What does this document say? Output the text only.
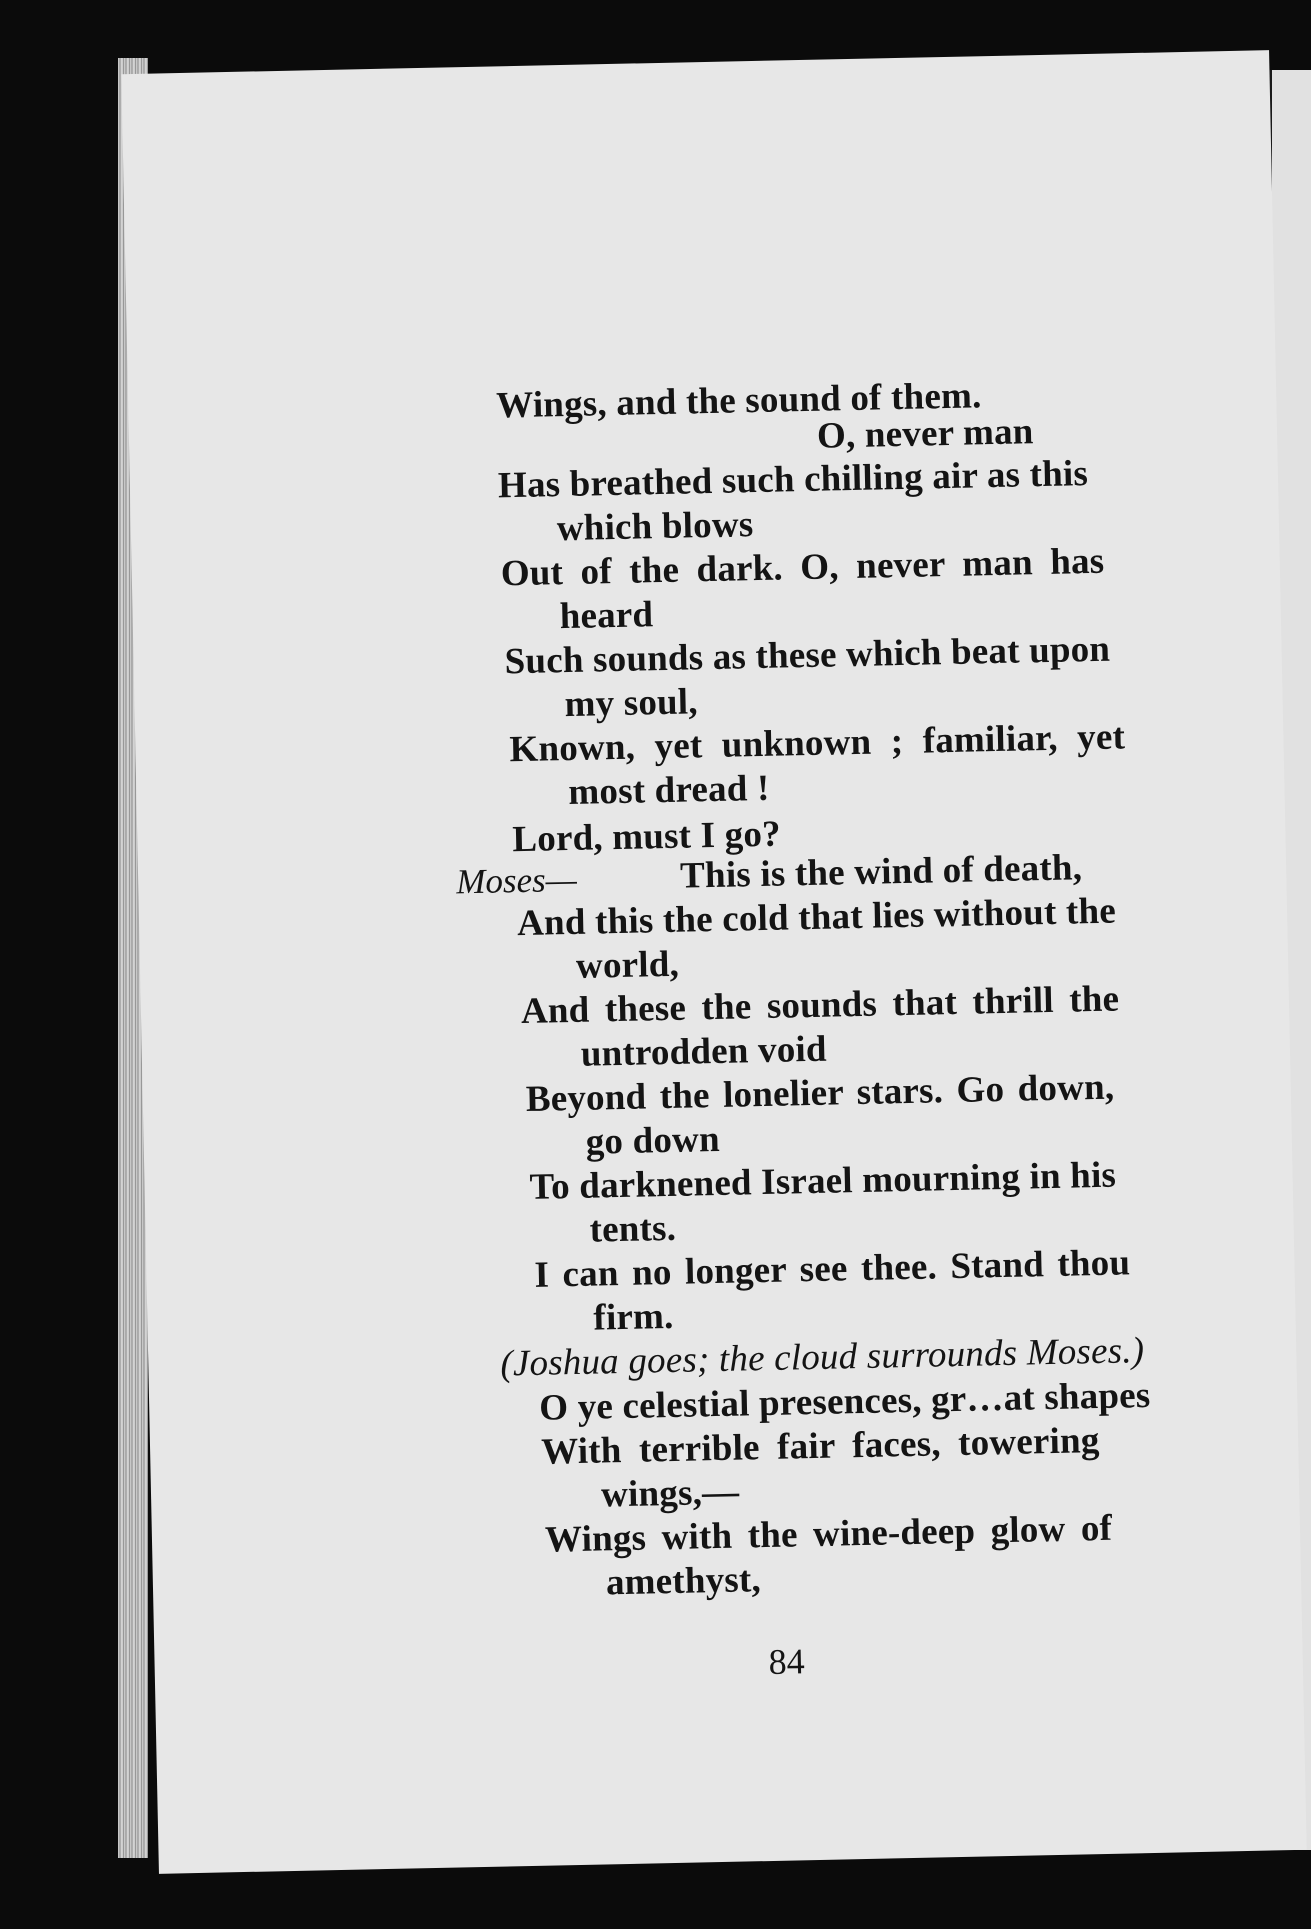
Wings, and the sound of them.
O, never man
Has breathed such chilling air as this
which blows
Out of the dark. O, never man has
heard
Such sounds as these which beat upon
my soul,
Known, yet unknown ; familiar, yet
most dread !
Lord, must I go?
Moses—	This is the wind of death,
And this the cold that lies without the
world,
And these the sounds that thrill the
untrodden void
Beyond the lonelier stars. Go down,
go down
To darknened Israel mourning in his
tents.
I can no longer see thee. Stand thou
firm.
(Joshua goes; the cloud surrounds Moses.)
O ye celestial presences, gr…at shapes
With terrible fair faces, towering
wings,—
Wings with the wine-deep glow of
amethyst,
84
